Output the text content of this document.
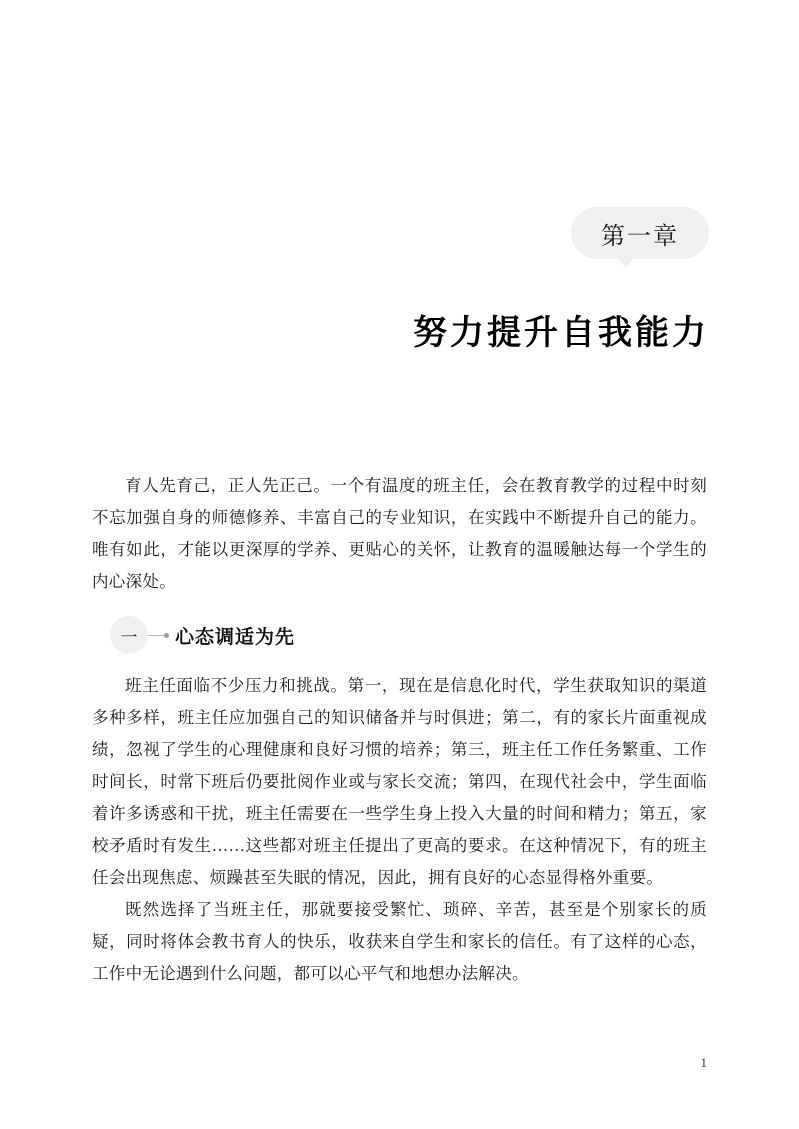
第一章
努力提升自我能力

育人先育己，正人先正己。一个有温度的班主任，会在教育教学的过程中时刻不忘加强自身的师德修养、丰富自己的专业知识，在实践中不断提升自己的能力。唯有如此，才能以更深厚的学养、更贴心的关怀，让教育的温暖触达每一个学生的内心深处。

一	心态调适为先

班主任面临不少压力和挑战。第一，现在是信息化时代，学生获取知识的渠道多种多样，班主任应加强自己的知识储备并与时俱进；第二，有的家长片面重视成绩，忽视了学生的心理健康和良好习惯的培养；第三，班主任工作任务繁重、工作时间长，时常下班后仍要批阅作业或与家长交流；第四，在现代社会中，学生面临着许多诱惑和干扰，班主任需要在一些学生身上投入大量的时间和精力；第五，家校矛盾时有发生……这些都对班主任提出了更高的要求。在这种情况下，有的班主任会出现焦虑、烦躁甚至失眠的情况，因此，拥有良好的心态显得格外重要。

既然选择了当班主任，那就要接受繁忙、琐碎、辛苦，甚至是个别家长的质疑，同时将体会教书育人的快乐，收获来自学生和家长的信任。有了这样的心态，工作中无论遇到什么问题，都可以心平气和地想办法解决。

1
